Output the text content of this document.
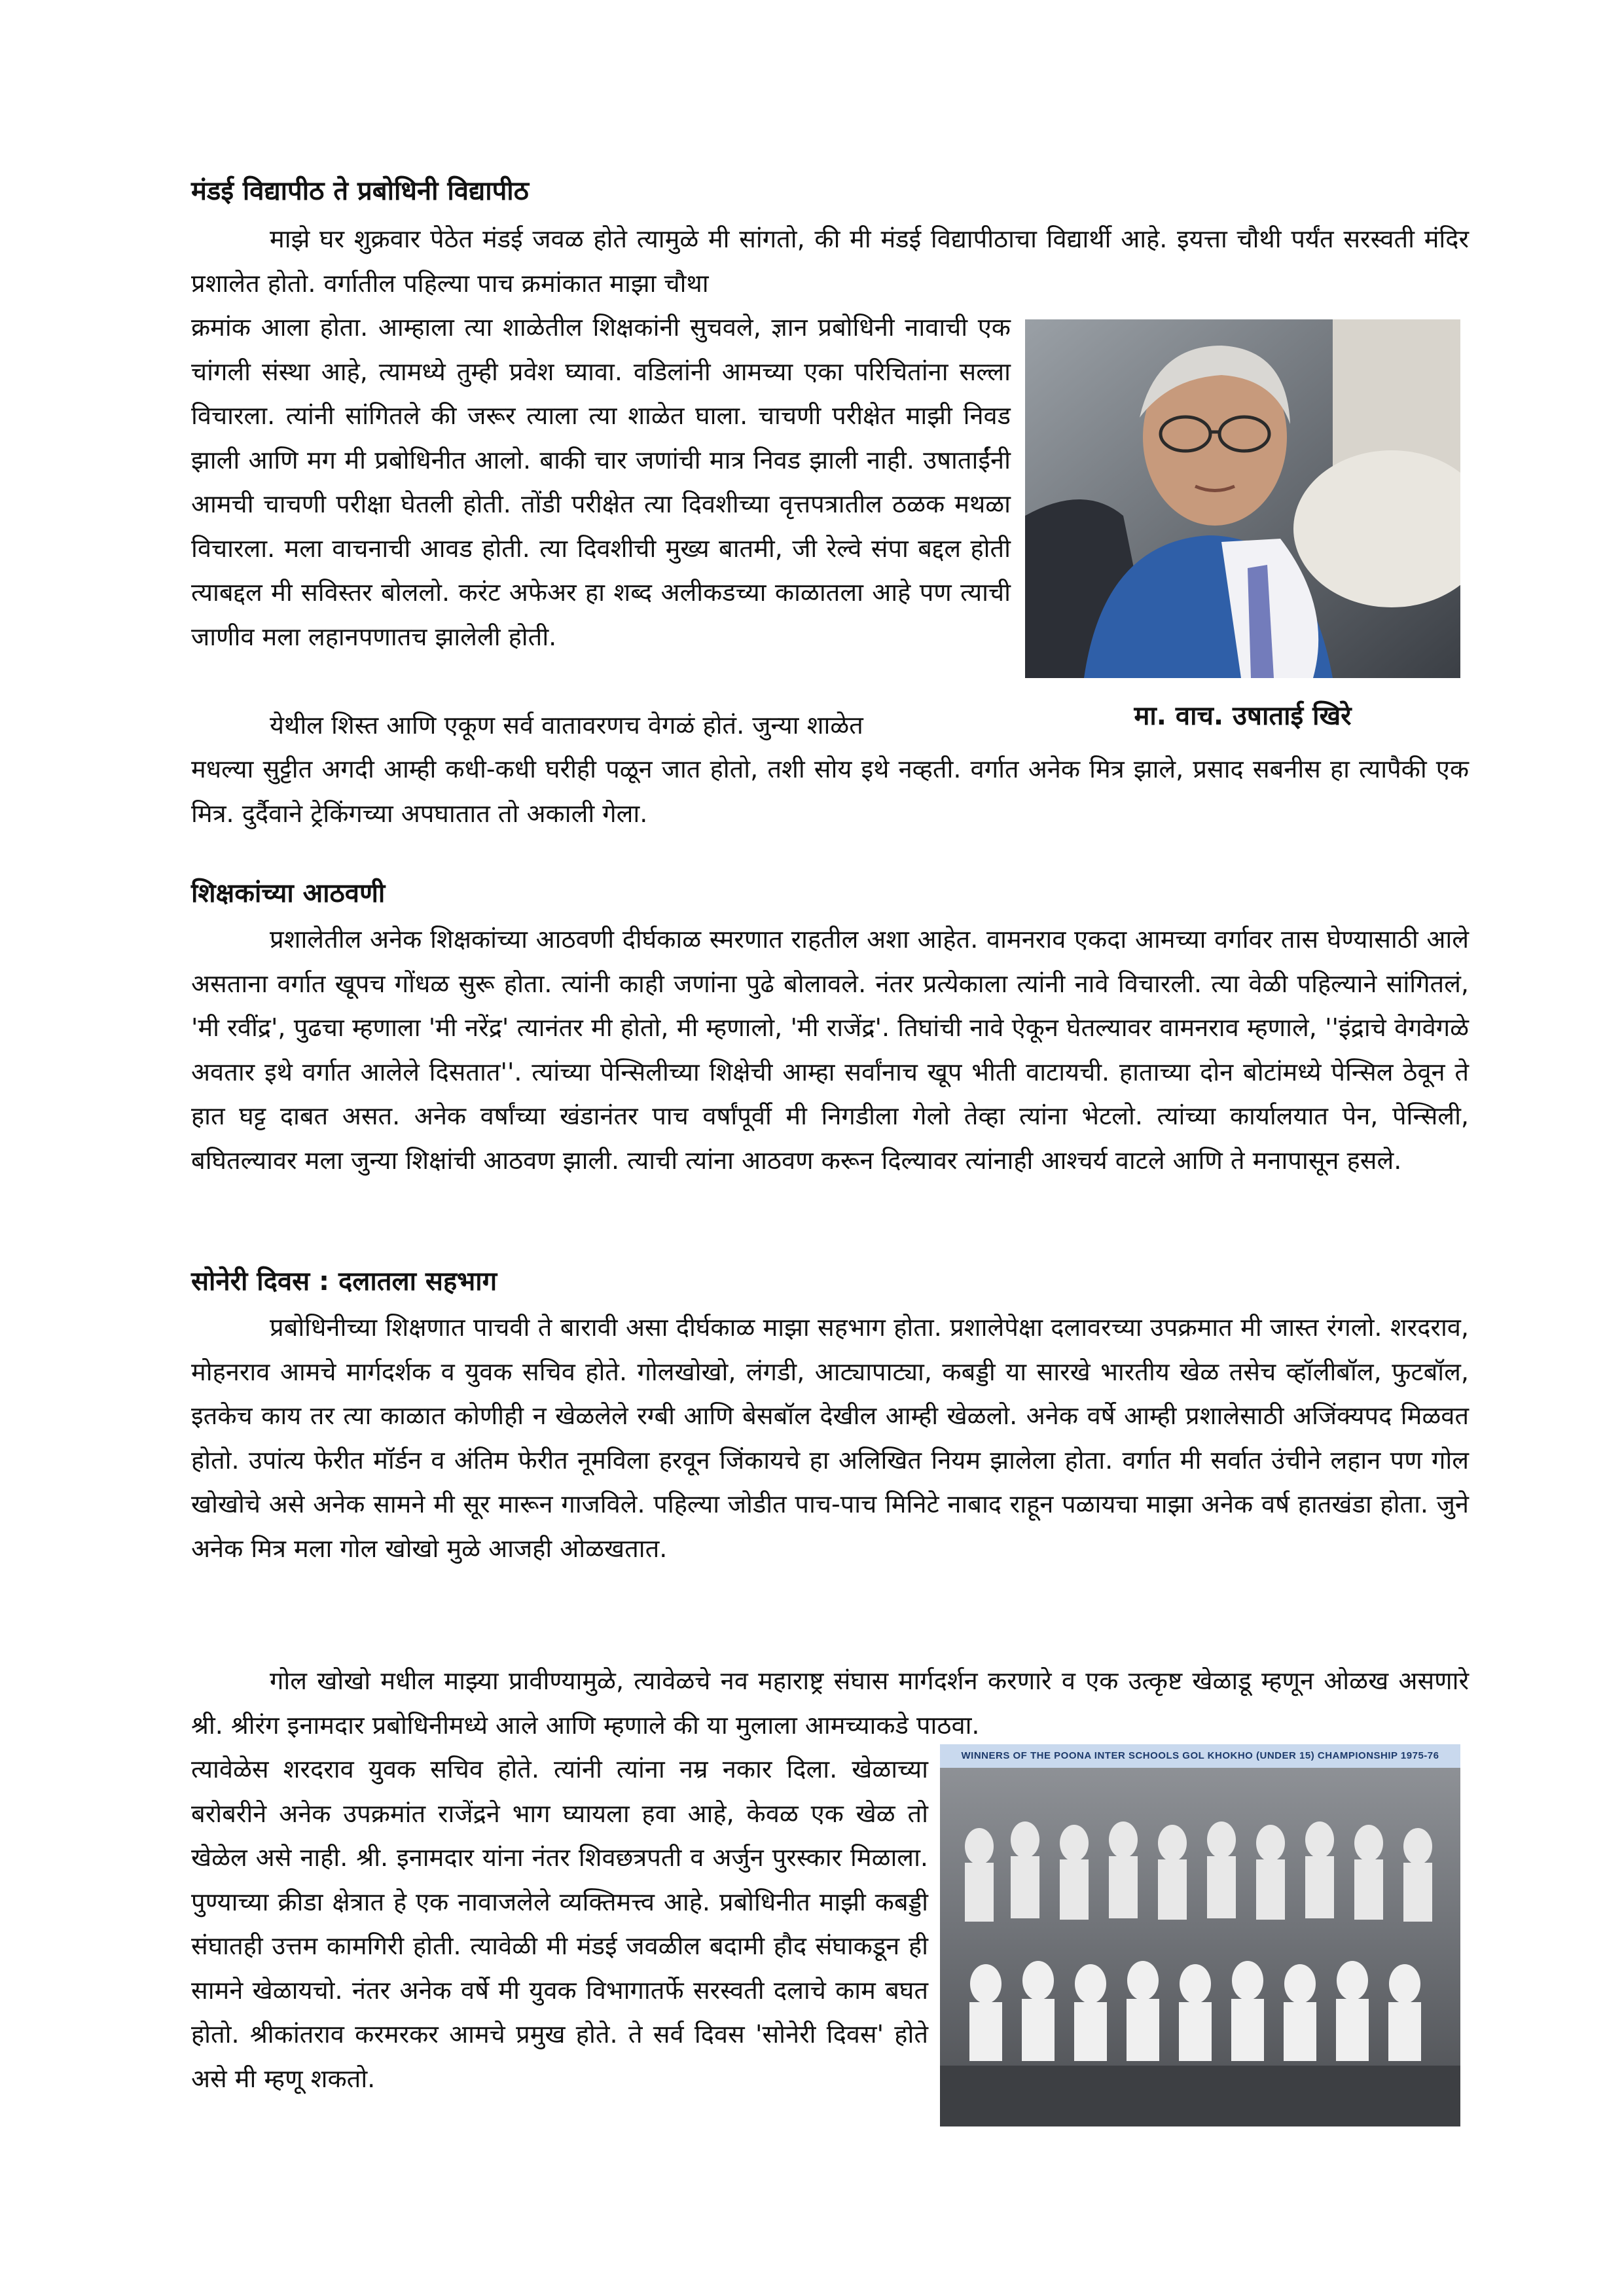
मंडई विद्यापीठ ते प्रबोधिनी विद्यापीठ

माझे घर शुक्रवार पेठेत मंडई जवळ होते त्यामुळे मी सांगतो, की मी मंडई विद्यापीठाचा विद्यार्थी आहे. इयत्ता चौथी पर्यंत सरस्वती मंदिर प्रशालेत होतो. वर्गातील पहिल्या पाच क्रमांकात माझा चौथा

क्रमांक आला होता. आम्हाला त्या शाळेतील शिक्षकांनी सुचवले, ज्ञान प्रबोधिनी नावाची एक चांगली संस्था आहे, त्यामध्ये तुम्ही प्रवेश घ्यावा. वडिलांनी आमच्या एका परिचितांना सल्ला विचारला. त्यांनी सांगितले की जरूर त्याला त्या शाळेत घाला. चाचणी परीक्षेत माझी निवड झाली आणि मग मी प्रबोधिनीत आलो. बाकी चार जणांची मात्र निवड झाली नाही. उषाताईंनी आमची चाचणी परीक्षा घेतली होती. तोंडी परीक्षेत त्या दिवशीच्या वृत्तपत्रातील ठळक मथळा विचारला. मला वाचनाची आवड होती. त्या दिवशीची मुख्य बातमी, जी रेल्वे संपा बद्दल होती त्याबद्दल मी सविस्तर बोललो. करंट अफेअर हा शब्द अलीकडच्या काळातला आहे पण त्याची जाणीव मला लहानपणातच झालेली होती.

येथील शिस्त आणि एकूण सर्व वातावरणच वेगळं होतं. जुन्या शाळेत

मधल्या सुट्टीत अगदी आम्ही कधी-कधी घरीही पळून जात होतो, तशी सोय इथे नव्हती. वर्गात अनेक मित्र झाले, प्रसाद सबनीस हा त्यापैकी एक मित्र. दुर्दैवाने ट्रेकिंगच्या अपघातात तो अकाली गेला.

मा. वाच. उषाताई खिरे
शिक्षकांच्या आठवणी

प्रशालेतील अनेक शिक्षकांच्या आठवणी दीर्घकाळ स्मरणात राहतील अशा आहेत. वामनराव एकदा आमच्या वर्गावर तास घेण्यासाठी आले असताना वर्गात खूपच गोंधळ सुरू होता. त्यांनी काही जणांना पुढे बोलावले. नंतर प्रत्येकाला त्यांनी नावे विचारली. त्या वेळी पहिल्याने सांगितलं, 'मी रवींद्र', पुढचा म्हणाला 'मी नरेंद्र' त्यानंतर मी होतो, मी म्हणालो, 'मी राजेंद्र'. तिघांची नावे ऐकून घेतल्यावर वामनराव म्हणाले, ''इंद्राचे वेगवेगळे अवतार इथे वर्गात आलेले दिसतात''. त्यांच्या पेन्सिलीच्या शिक्षेची आम्हा सर्वांनाच खूप भीती वाटायची. हाताच्या दोन बोटांमध्ये पेन्सिल ठेवून ते हात घट्ट दाबत असत. अनेक वर्षांच्या खंडानंतर पाच वर्षांपूर्वी मी निगडीला गेलो तेव्हा त्यांना भेटलो. त्यांच्या कार्यालयात पेन, पेन्सिली, बघितल्यावर मला जुन्या शिक्षांची आठवण झाली. त्याची त्यांना आठवण करून दिल्यावर त्यांनाही आश्चर्य वाटले आणि ते मनापासून हसले.

सोनेरी दिवस : दलातला सहभाग

प्रबोधिनीच्या शिक्षणात पाचवी ते बारावी असा दीर्घकाळ माझा सहभाग होता. प्रशालेपेक्षा दलावरच्या उपक्रमात मी जास्त रंगलो. शरदराव, मोहनराव आमचे मार्गदर्शक व युवक सचिव होते. गोलखोखो, लंगडी, आट्यापाट्या, कबड्डी या सारखे भारतीय खेळ तसेच व्हॉलीबॉल, फुटबॉल, इतकेच काय तर त्या काळात कोणीही न खेळलेले रग्बी आणि बेसबॉल देखील आम्ही खेळलो. अनेक वर्षे आम्ही प्रशालेसाठी अजिंक्यपद मिळवत होतो. उपांत्य फेरीत मॉर्डन व अंतिम फेरीत नूमविला हरवून जिंकायचे हा अलिखित नियम झालेला होता. वर्गात मी सर्वात उंचीने लहान पण गोल खोखोचे असे अनेक सामने मी सूर मारून गाजविले. पहिल्या जोडीत पाच-पाच मिनिटे नाबाद राहून पळायचा माझा अनेक वर्ष हातखंडा होता. जुने अनेक मित्र मला गोल खोखो मुळे आजही ओळखतात.

गोल खोखो मधील माझ्या प्रावीण्यामुळे, त्यावेळचे नव महाराष्ट्र संघास मार्गदर्शन करणारे व एक उत्कृष्ट खेळाडू म्हणून ओळख असणारे श्री. श्रीरंग इनामदार प्रबोधिनीमध्ये आले आणि म्हणाले की या मुलाला आमच्याकडे पाठवा.

त्यावेळेस शरदराव युवक सचिव होते. त्यांनी त्यांना नम्र नकार दिला. खेळाच्या बरोबरीने अनेक उपक्रमांत राजेंद्रने भाग घ्यायला हवा आहे, केवळ एक खेळ तो खेळेल असे नाही. श्री. इनामदार यांना नंतर शिवछत्रपती व अर्जुन पुरस्कार मिळाला. पुण्याच्या क्रीडा क्षेत्रात हे एक नावाजलेले व्यक्तिमत्त्व आहे. प्रबोधिनीत माझी कबड्डी संघातही उत्तम कामगिरी होती. त्यावेळी मी मंडई जवळील बदामी हौद संघाकडून ही सामने खेळायचो. नंतर अनेक वर्षे मी युवक विभागातर्फे सरस्वती दलाचे काम बघत होतो. श्रीकांतराव करमरकर आमचे प्रमुख होते. ते सर्व दिवस 'सोनेरी दिवस' होते असे मी म्हणू शकतो.

WINNERS OF THE POONA INTER SCHOOLS GOL KHOKHO (UNDER 15) CHAMPIONSHIP 1975-76
